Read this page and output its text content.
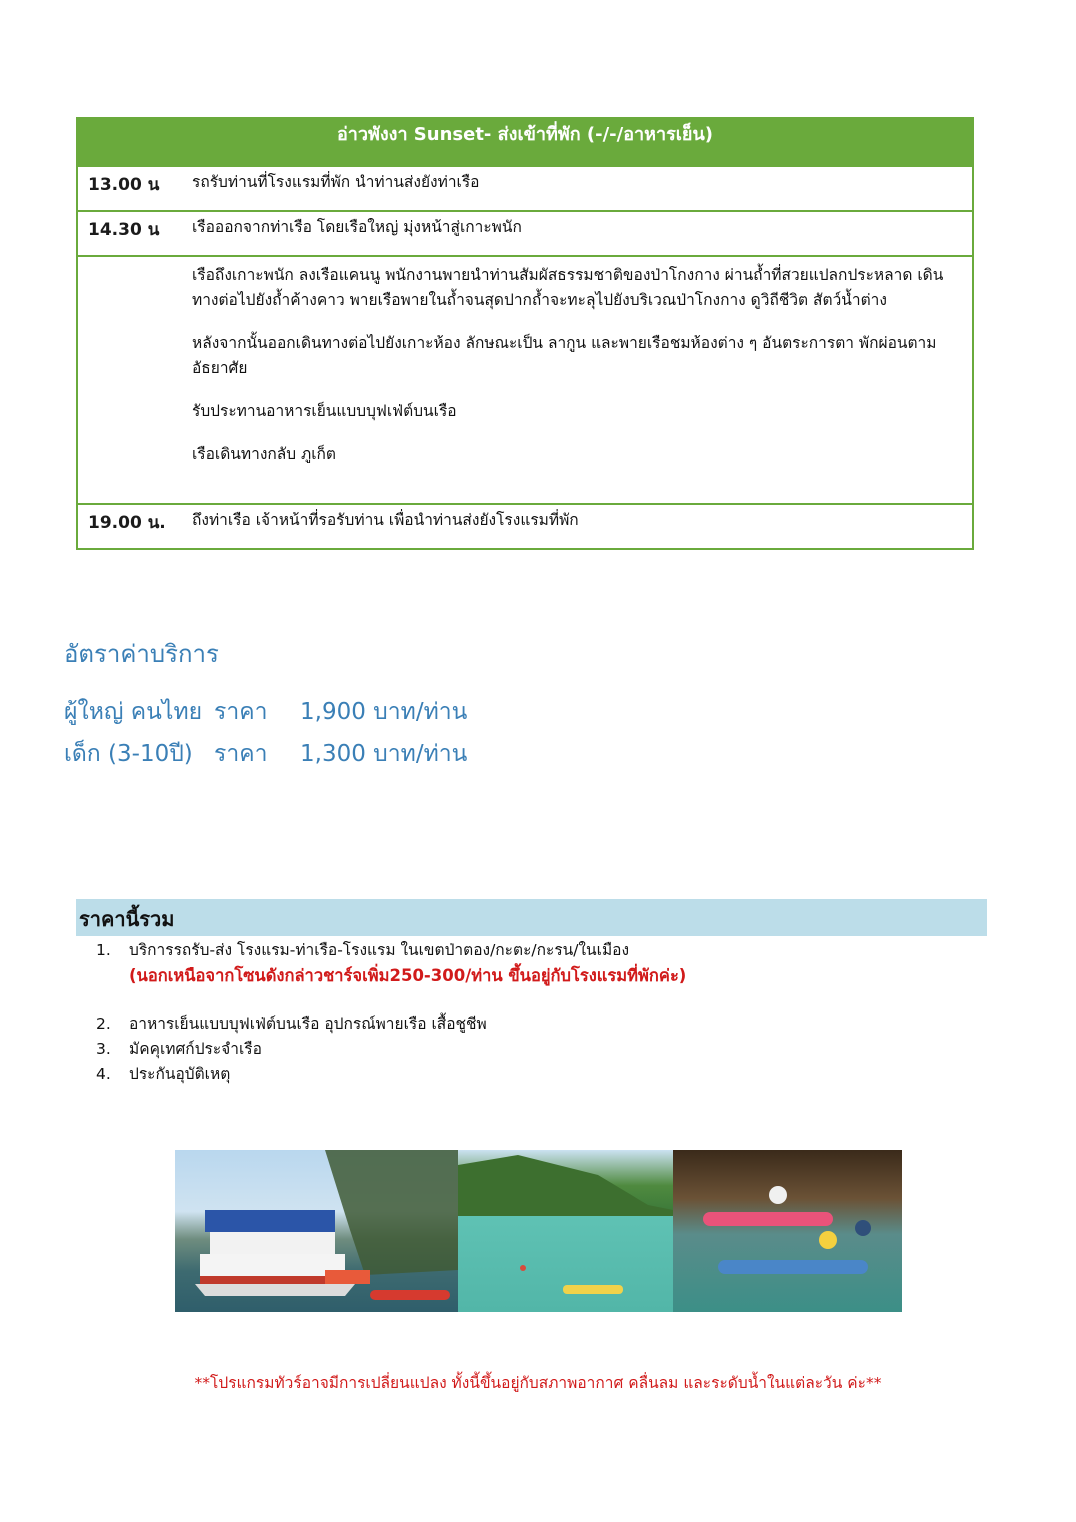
อ่าวพังงา Sunset- ส่งเข้าที่พัก (-/-/อาหารเย็น)
13.00 น	รถรับท่านที่โรงแรมที่พัก นำท่านส่งยังท่าเรือ

14.30 น	เรือออกจากท่าเรือ โดยเรือใหญ่ มุ่งหน้าสู่เกาะพนัก

เรือถึงเกาะพนัก ลงเรือแคนนู พนักงานพายนำท่านสัมผัสธรรมชาติของป่าโกงกาง ผ่านถ้ำที่สวยแปลกประหลาด เดินทางต่อไปยังถ้ำค้างคาว พายเรือพายในถ้ำจนสุดปากถ้ำจะทะลุไปยังบริเวณป่าโกงกาง ดูวิถีชีวิต สัตว์น้ำต่าง

หลังจากนั้นออกเดินทางต่อไปยังเกาะห้อง ลักษณะเป็น ลากูน และพายเรือชมห้องต่าง ๆ อันตระการตา พักผ่อนตามอัธยาศัย

รับประทานอาหารเย็นแบบบุฟเฟ่ต์บนเรือ

เรือเดินทางกลับ ภูเก็ต

19.00 น.	ถึงท่าเรือ เจ้าหน้าที่รอรับท่าน เพื่อนำท่านส่งยังโรงแรมที่พัก

อัตราค่าบริการ
ผู้ใหญ่ คนไทย ราคา	1,900 บาท/ท่าน
เด็ก (3-10ปี) ราคา	1,300 บาท/ท่าน
ราคานี้รวม
1.	บริการรถรับ-ส่ง โรงแรม-ท่าเรือ-โรงแรม ในเขตป่าตอง/กะตะ/กะรน/ในเมือง
(นอกเหนือจากโซนดังกล่าวชาร์จเพิ่ม250-300/ท่าน ขึ้นอยู่กับโรงแรมที่พักค่ะ)
2.	อาหารเย็นแบบบุฟเฟ่ต์บนเรือ อุปกรณ์พายเรือ เสื้อชูชีพ
3.	มัคคุเทศก์ประจำเรือ
4.	ประกันอุบัติเหตุ
**โปรแกรมทัวร์อาจมีการเปลี่ยนแปลง ทั้งนี้ขึ้นอยู่กับสภาพอากาศ คลื่นลม และระดับน้ำในแต่ละวัน ค่ะ**
